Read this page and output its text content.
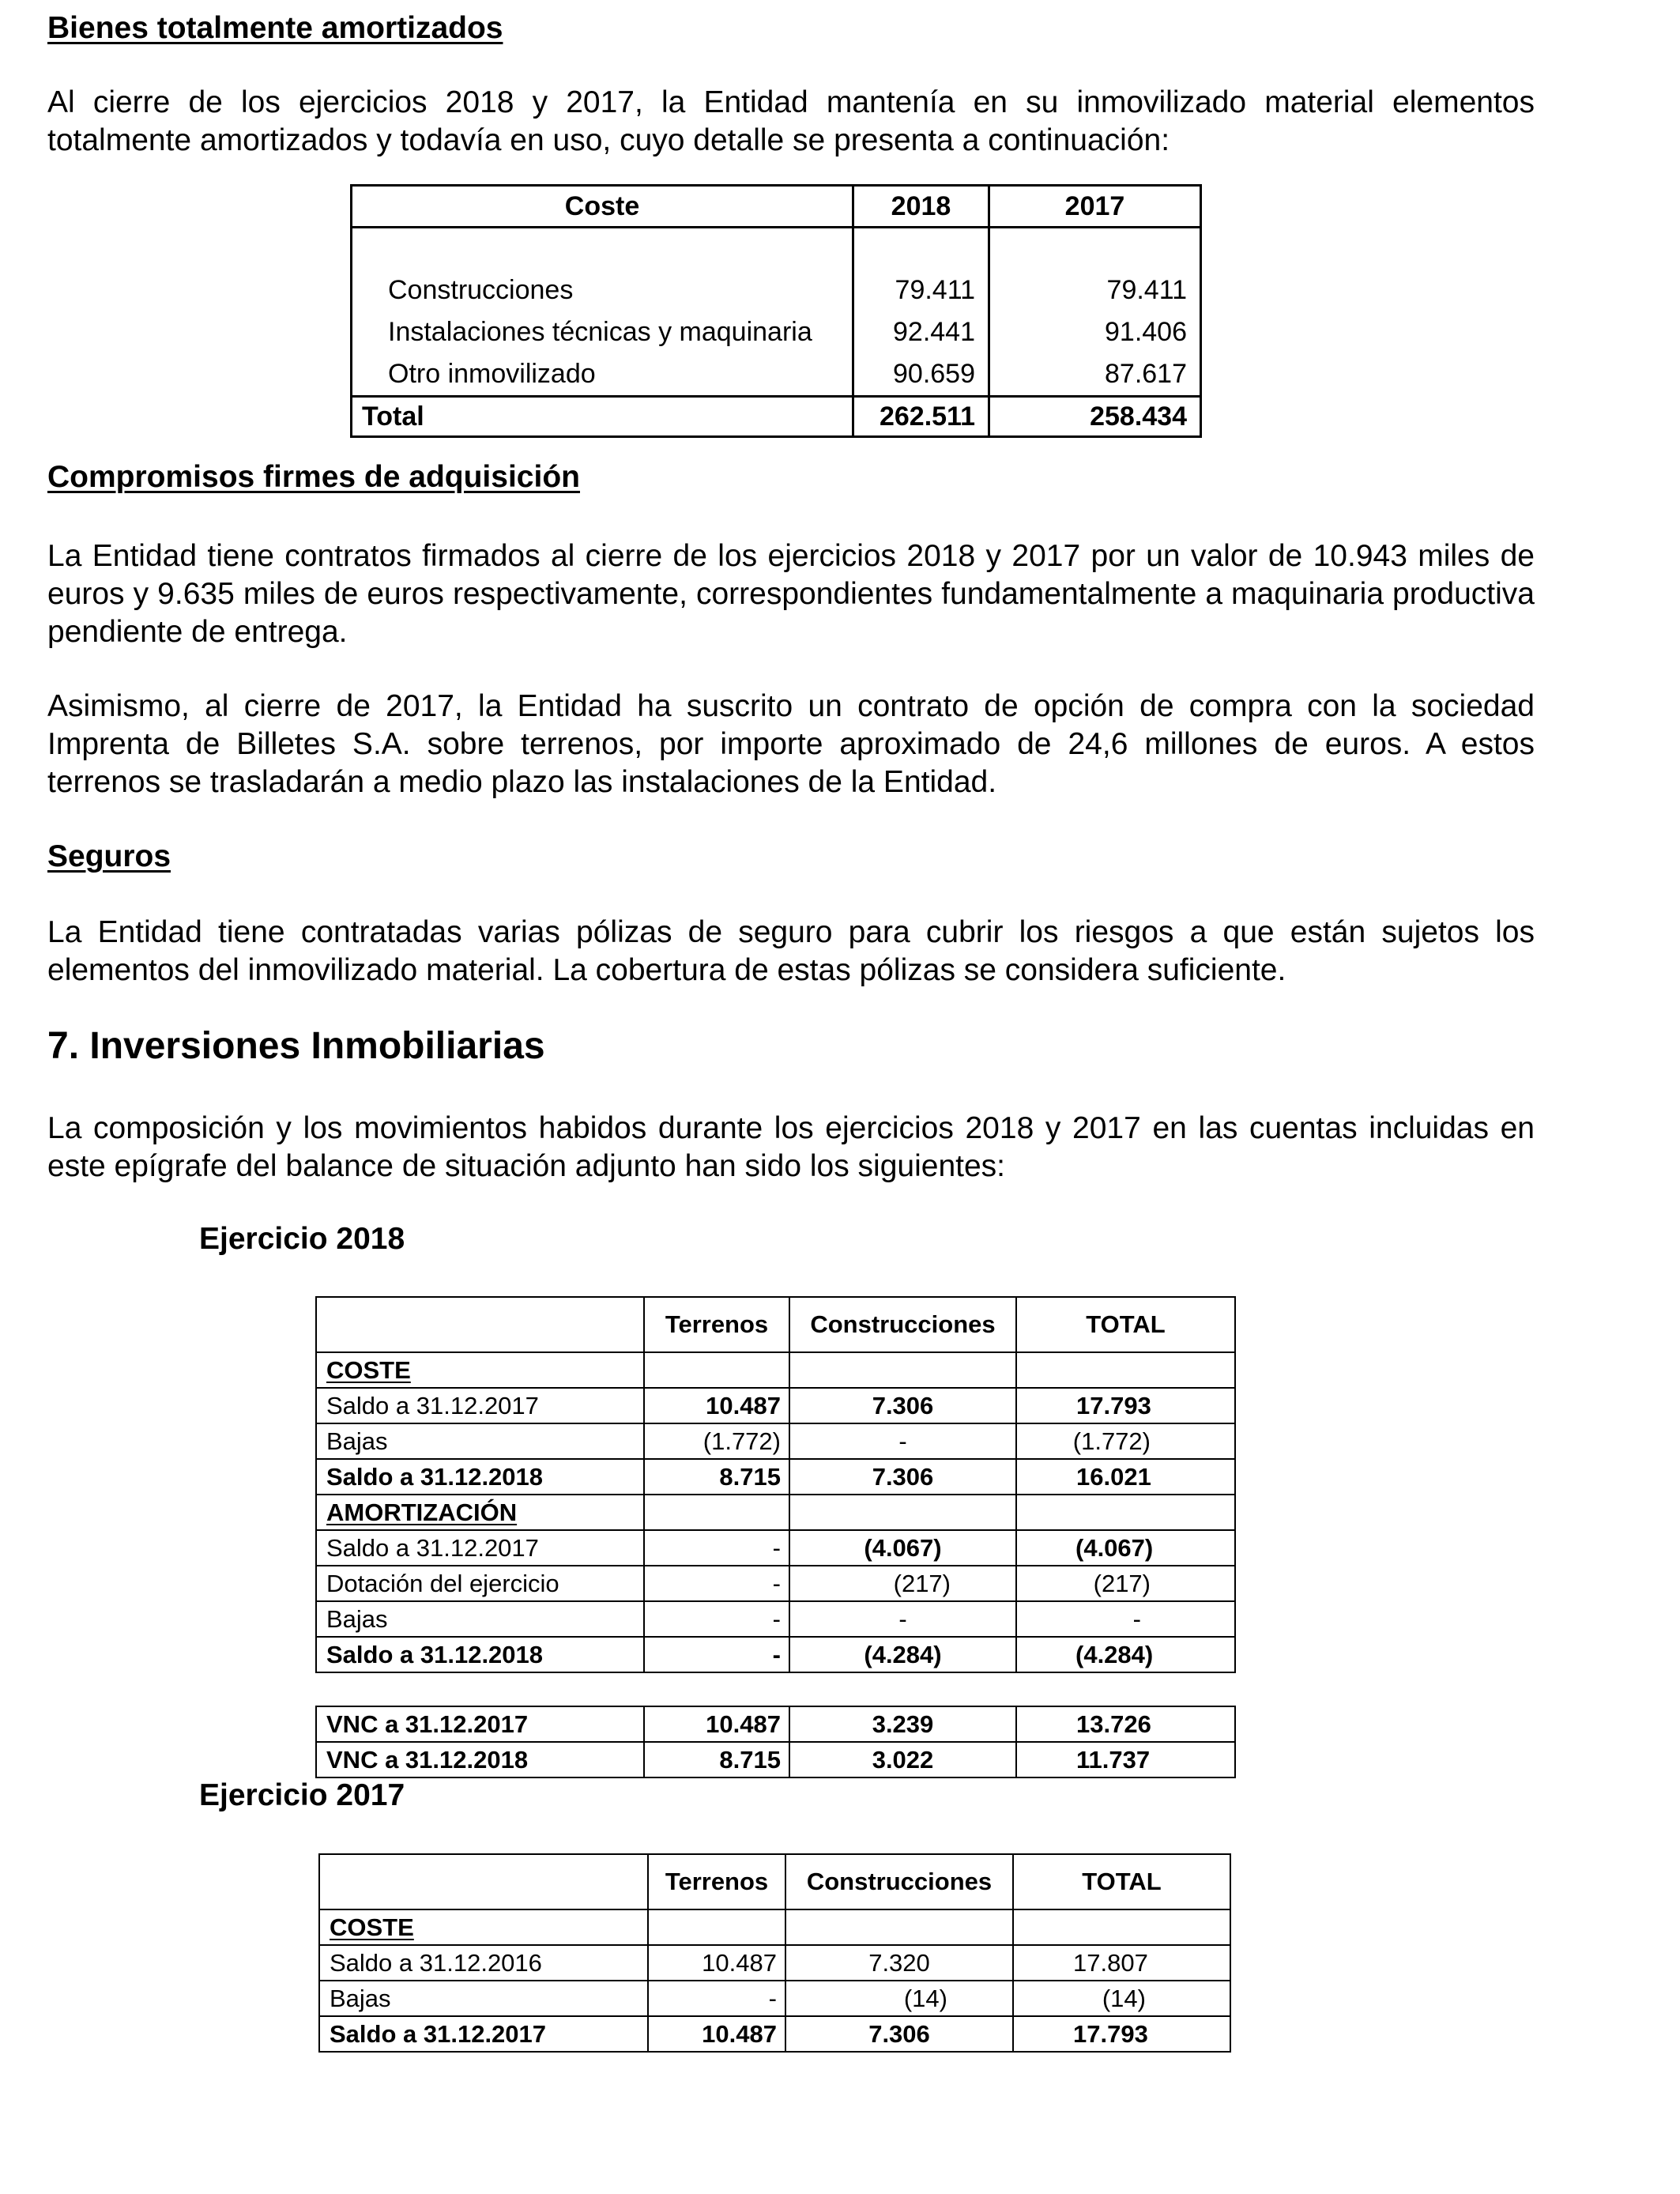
Bienes totalmente amortizados

Al cierre de los ejercicios 2018 y 2017, la Entidad mantenía en su inmovilizado material elementos totalmente amortizados y todavía en uso, cuyo detalle se presenta a continuación:

Coste	2018	2017

Construcciones	79.411	79.411
Instalaciones técnicas y maquinaria	92.441	91.406
Otro inmovilizado	90.659	87.617
Total	262.511	258.434
Compromisos firmes de adquisición

La Entidad tiene contratos firmados al cierre de los ejercicios 2018 y 2017 por un valor de 10.943 miles de euros y 9.635 miles de euros respectivamente, correspondientes fundamentalmente a maquinaria productiva pendiente de entrega.

Asimismo, al cierre de 2017, la Entidad ha suscrito un contrato de opción de compra con la sociedad Imprenta de Billetes S.A. sobre terrenos, por importe aproximado de 24,6 millones de euros. A estos terrenos se trasladarán a medio plazo las instalaciones de la Entidad.

Seguros

La Entidad tiene contratadas varias pólizas de seguro para cubrir los riesgos a que están sujetos los elementos del inmovilizado material. La cobertura de estas pólizas se considera suficiente.

7. Inversiones Inmobiliarias

La composición y los movimientos habidos durante los ejercicios 2018 y 2017 en las cuentas incluidas en este epígrafe del balance de situación adjunto han sido los siguientes:

Ejercicio 2018
	Terrenos	Construcciones	TOTAL
COSTE			
Saldo a 31.12.2017	10.487	7.306	17.793
Bajas	(1.772)	-	(1.772)
Saldo a 31.12.2018	8.715	7.306	16.021
AMORTIZACIÓN			
Saldo a 31.12.2017	-	(4.067)	(4.067)
Dotación del ejercicio	-	(217)	(217)
Bajas	-	-	-
Saldo a 31.12.2018	-	(4.284)	(4.284)
VNC a 31.12.2017	10.487	3.239	13.726
VNC a 31.12.2018	8.715	3.022	11.737
Ejercicio 2017
	Terrenos	Construcciones	TOTAL
COSTE			
Saldo a 31.12.2016	10.487	7.320	17.807
Bajas	-	(14)	(14)
Saldo a 31.12.2017	10.487	7.306	17.793
